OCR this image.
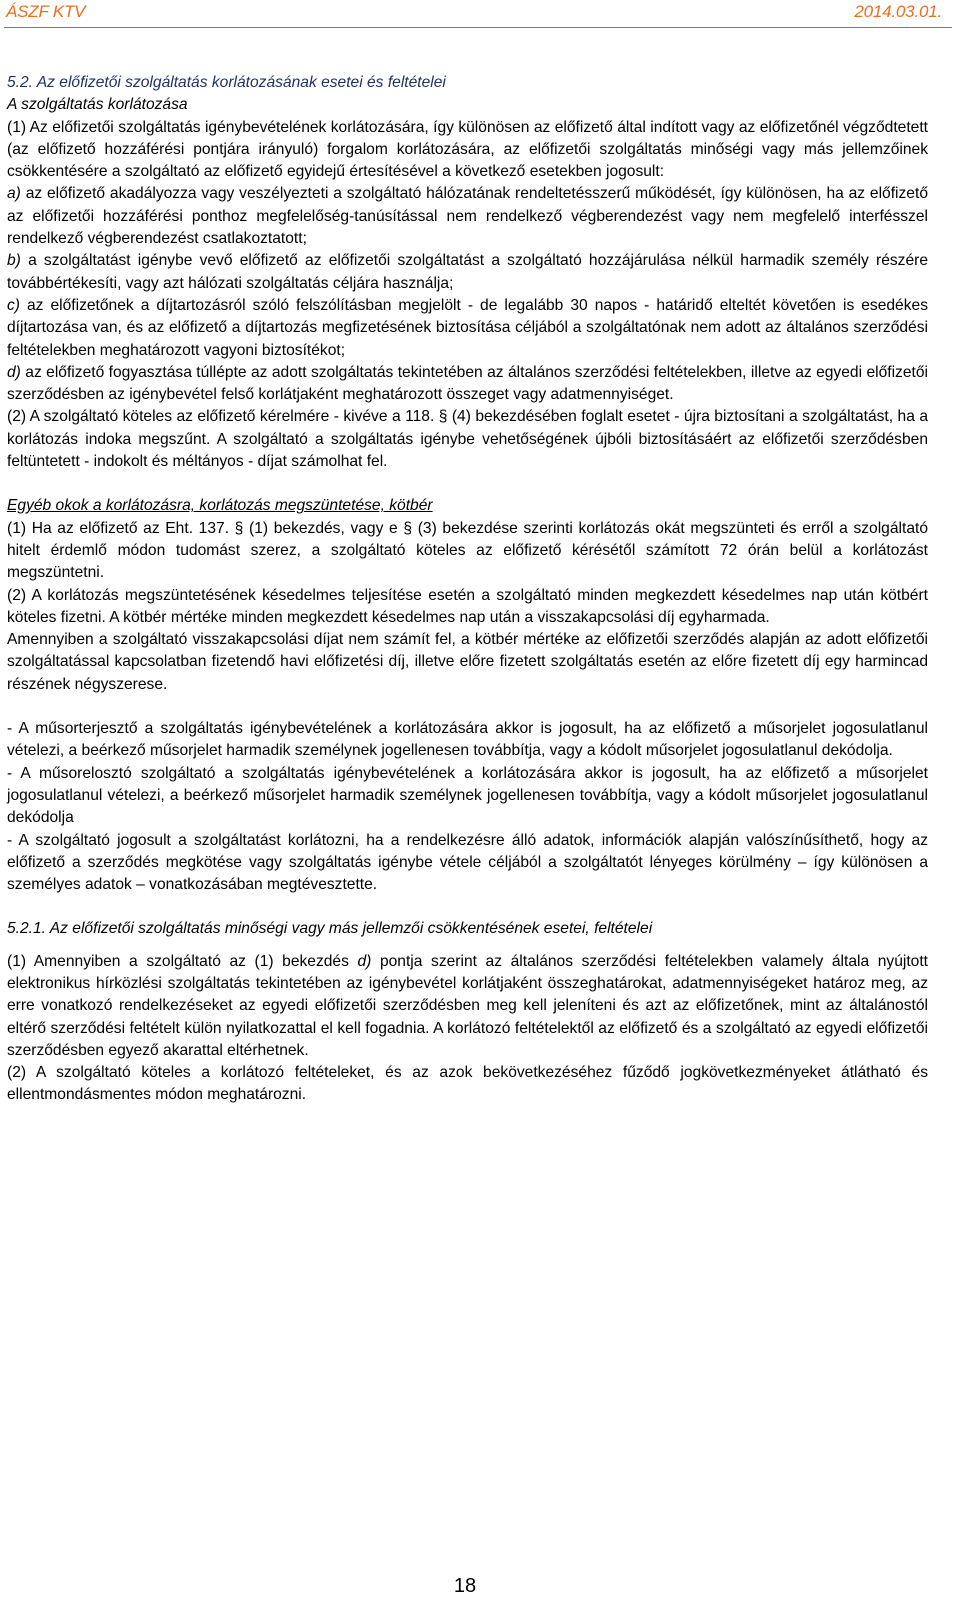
ÁSZF KTV	2014.03.01.
5.2. Az előfizetői szolgáltatás korlátozásának esetei és feltételei
A szolgáltatás korlátozása

(1) Az előfizetői szolgáltatás igénybevételének korlátozására, így különösen az előfizető által indított vagy az előfizetőnél végződtetett (az előfizető hozzáférési pontjára irányuló) forgalom korlátozására, az előfizetői szolgáltatás minőségi vagy más jellemzőinek csökkentésére a szolgáltató az előfizető egyidejű értesítésével a következő esetekben jogosult:

a) az előfizető akadályozza vagy veszélyezteti a szolgáltató hálózatának rendeltetésszerű működését, így különösen, ha az előfizető az előfizetői hozzáférési ponthoz megfelelőség-tanúsítással nem rendelkező végberendezést vagy nem megfelelő interfésszel rendelkező végberendezést csatlakoztatott;

b) a szolgáltatást igénybe vevő előfizető az előfizetői szolgáltatást a szolgáltató hozzájárulása nélkül harmadik személy részére továbbértékesíti, vagy azt hálózati szolgáltatás céljára használja;

c) az előfizetőnek a díjtartozásról szóló felszólításban megjelölt - de legalább 30 napos - határidő elteltét követően is esedékes díjtartozása van, és az előfizető a díjtartozás megfizetésének biztosítása céljából a szolgáltatónak nem adott az általános szerződési feltételekben meghatározott vagyoni biztosítékot;

d) az előfizető fogyasztása túllépte az adott szolgáltatás tekintetében az általános szerződési feltételekben, illetve az egyedi előfizetői szerződésben az igénybevétel felső korlátjaként meghatározott összeget vagy adatmennyiséget.

(2) A szolgáltató köteles az előfizető kérelmére - kivéve a 118. § (4) bekezdésében foglalt esetet - újra biztosítani a szolgáltatást, ha a korlátozás indoka megszűnt. A szolgáltató a szolgáltatás igénybe vehetőségének újbóli biztosításáért az előfizetői szerződésben feltüntetett - indokolt és méltányos - díjat számolhat fel.

Egyéb okok a korlátozásra, korlátozás megszüntetése, kötbér

(1) Ha az előfizető az Eht. 137. § (1) bekezdés, vagy e § (3) bekezdése szerinti korlátozás okát megszünteti és erről a szolgáltató hitelt érdemlő módon tudomást szerez, a szolgáltató köteles az előfizető kérésétől számított 72 órán belül a korlátozást megszüntetni.

(2) A korlátozás megszüntetésének késedelmes teljesítése esetén a szolgáltató minden megkezdett késedelmes nap után kötbért köteles fizetni. A kötbér mértéke minden megkezdett késedelmes nap után a visszakapcsolási díj egyharmada.

Amennyiben a szolgáltató visszakapcsolási díjat nem számít fel, a kötbér mértéke az előfizetői szerződés alapján az adott előfizetői szolgáltatással kapcsolatban fizetendő havi előfizetési díj, illetve előre fizetett szolgáltatás esetén az előre fizetett díj egy harmincad részének négyszerese.

- A műsorterjesztő a szolgáltatás igénybevételének a korlátozására akkor is jogosult, ha az előfizető a műsorjelet jogosulatlanul vételezi, a beérkező műsorjelet harmadik személynek jogellenesen továbbítja, vagy a kódolt műsorjelet jogosulatlanul dekódolja.

- A műsorelosztó szolgáltató a szolgáltatás igénybevételének a korlátozására akkor is jogosult, ha az előfizető a műsorjelet jogosulatlanul vételezi, a beérkező műsorjelet harmadik személynek jogellenesen továbbítja, vagy a kódolt műsorjelet jogosulatlanul dekódolja

- A szolgáltató jogosult a szolgáltatást korlátozni, ha a rendelkezésre álló adatok, információk alapján valószínűsíthető, hogy az előfizető a szerződés megkötése vagy szolgáltatás igénybe vétele céljából a szolgáltatót lényeges körülmény – így különösen a személyes adatok – vonatkozásában megtévesztette.

5.2.1. Az előfizetői szolgáltatás minőségi vagy más jellemzői csökkentésének esetei, feltételei

(1) Amennyiben a szolgáltató az (1) bekezdés d) pontja szerint az általános szerződési feltételekben valamely általa nyújtott elektronikus hírközlési szolgáltatás tekintetében az igénybevétel korlátjaként összeghatárokat, adatmennyiségeket határoz meg, az erre vonatkozó rendelkezéseket az egyedi előfizetői szerződésben meg kell jeleníteni és azt az előfizetőnek, mint az általánostól eltérő szerződési feltételt külön nyilatkozattal el kell fogadnia. A korlátozó feltételektől az előfizető és a szolgáltató az egyedi előfizetői szerződésben egyező akarattal eltérhetnek.

(2) A szolgáltató köteles a korlátozó feltételeket, és az azok bekövetkezéséhez fűződő jogkövetkezményeket átlátható és ellentmondásmentes módon meghatározni.

18
